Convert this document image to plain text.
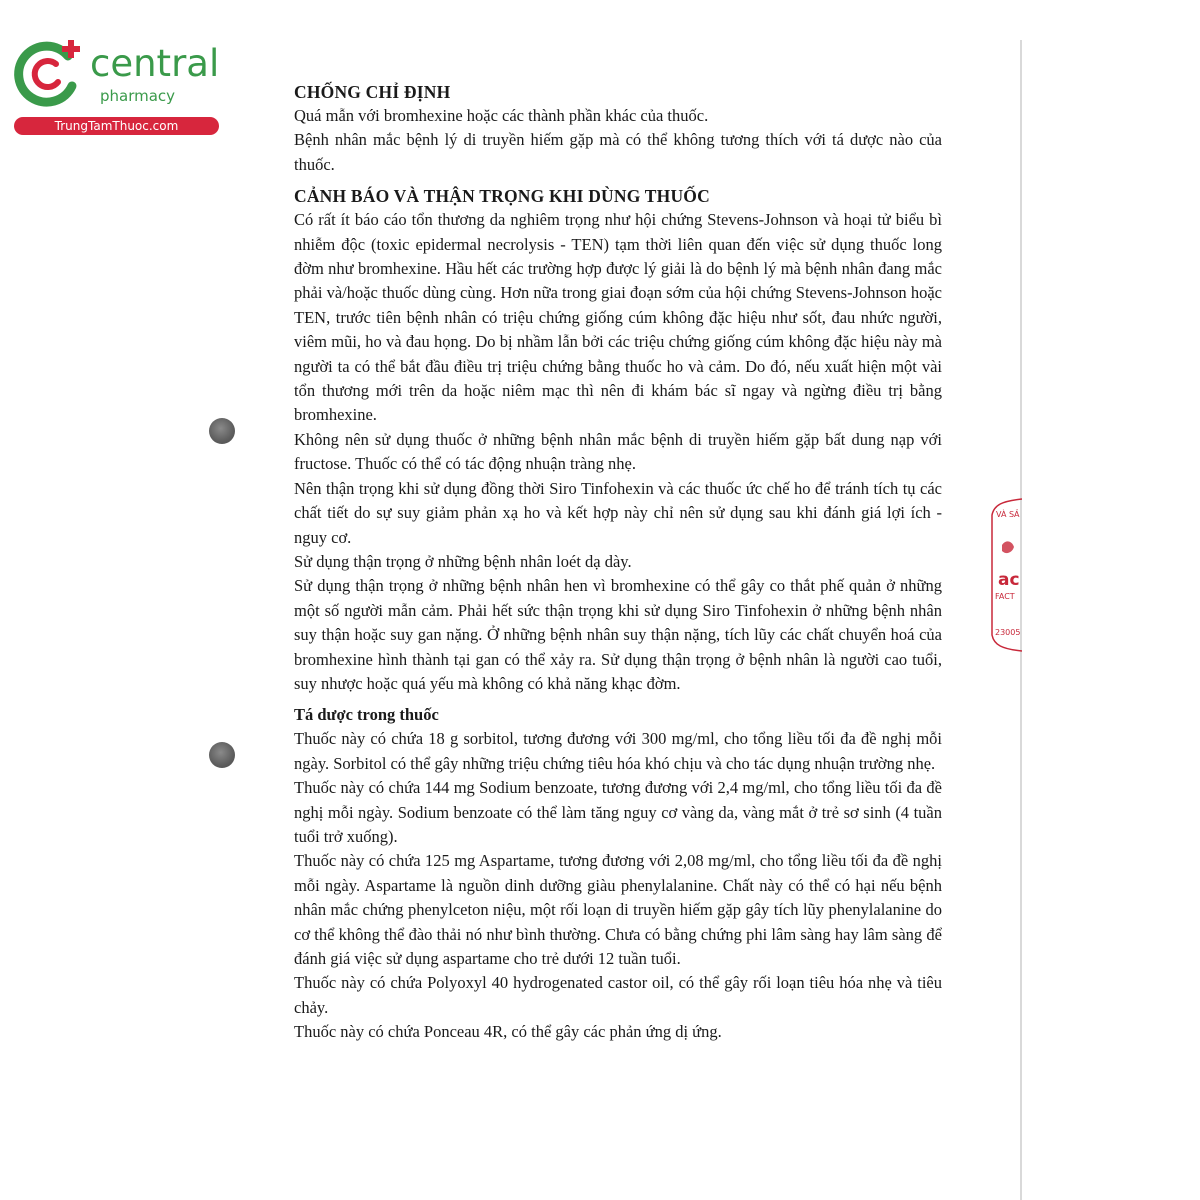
central
pharmacy
TrungTamThuoc.com
VÀ SẢ
ac
FACT
23005
CHỐNG CHỈ ĐỊNH

Quá mẫn với bromhexine hoặc các thành phần khác của thuốc.

Bệnh nhân mắc bệnh lý di truyền hiếm gặp mà có thể không tương thích với tá dược nào của thuốc.

CẢNH BÁO VÀ THẬN TRỌNG KHI DÙNG THUỐC

Có rất ít báo cáo tổn thương da nghiêm trọng như hội chứng Stevens-Johnson và hoại tử biểu bì nhiễm độc (toxic epidermal necrolysis - TEN) tạm thời liên quan đến việc sử dụng thuốc long đờm như bromhexine. Hầu hết các trường hợp được lý giải là do bệnh lý mà bệnh nhân đang mắc phải và/hoặc thuốc dùng cùng. Hơn nữa trong giai đoạn sớm của hội chứng Stevens-Johnson hoặc TEN, trước tiên bệnh nhân có triệu chứng giống cúm không đặc hiệu như sốt, đau nhức người, viêm mũi, ho và đau họng. Do bị nhầm lẫn bởi các triệu chứng giống cúm không đặc hiệu này mà người ta có thể bắt đầu điều trị triệu chứng bằng thuốc ho và cảm. Do đó, nếu xuất hiện một vài tổn thương mới trên da hoặc niêm mạc thì nên đi khám bác sĩ ngay và ngừng điều trị bằng bromhexine.

Không nên sử dụng thuốc ở những bệnh nhân mắc bệnh di truyền hiếm gặp bất dung nạp với fructose. Thuốc có thể có tác động nhuận tràng nhẹ.

Nên thận trọng khi sử dụng đồng thời Siro Tinfohexin và các thuốc ức chế ho để tránh tích tụ các chất tiết do sự suy giảm phản xạ ho và kết hợp này chỉ nên sử dụng sau khi đánh giá lợi ích - nguy cơ.

Sử dụng thận trọng ở những bệnh nhân loét dạ dày.

Sử dụng thận trọng ở những bệnh nhân hen vì bromhexine có thể gây co thắt phế quản ở những một số người mẫn cảm. Phải hết sức thận trọng khi sử dụng Siro Tinfohexin ở những bệnh nhân suy thận hoặc suy gan nặng. Ở những bệnh nhân suy thận nặng, tích lũy các chất chuyển hoá của bromhexine hình thành tại gan có thể xảy ra. Sử dụng thận trọng ở bệnh nhân là người cao tuổi, suy nhược hoặc quá yếu mà không có khả năng khạc đờm.

Tá dược trong thuốc

Thuốc này có chứa 18 g sorbitol, tương đương với 300 mg/ml, cho tổng liều tối đa đề nghị mỗi ngày. Sorbitol có thể gây những triệu chứng tiêu hóa khó chịu và cho tác dụng nhuận trường nhẹ.

Thuốc này có chứa 144 mg Sodium benzoate, tương đương với 2,4 mg/ml, cho tổng liều tối đa đề nghị mỗi ngày. Sodium benzoate có thể làm tăng nguy cơ vàng da, vàng mắt ở trẻ sơ sinh (4 tuần tuổi trở xuống).

Thuốc này có chứa 125 mg Aspartame, tương đương với 2,08 mg/ml, cho tổng liều tối đa đề nghị mỗi ngày. Aspartame là nguồn dinh dưỡng giàu phenylalanine. Chất này có thể có hại nếu bệnh nhân mắc chứng phenylceton niệu, một rối loạn di truyền hiếm gặp gây tích lũy phenylalanine do cơ thể không thể đào thải nó như bình thường. Chưa có bằng chứng phi lâm sàng hay lâm sàng để đánh giá việc sử dụng aspartame cho trẻ dưới 12 tuần tuổi.

Thuốc này có chứa Polyoxyl 40 hydrogenated castor oil, có thể gây rối loạn tiêu hóa nhẹ và tiêu chảy.

Thuốc này có chứa Ponceau 4R, có thể gây các phản ứng dị ứng.
